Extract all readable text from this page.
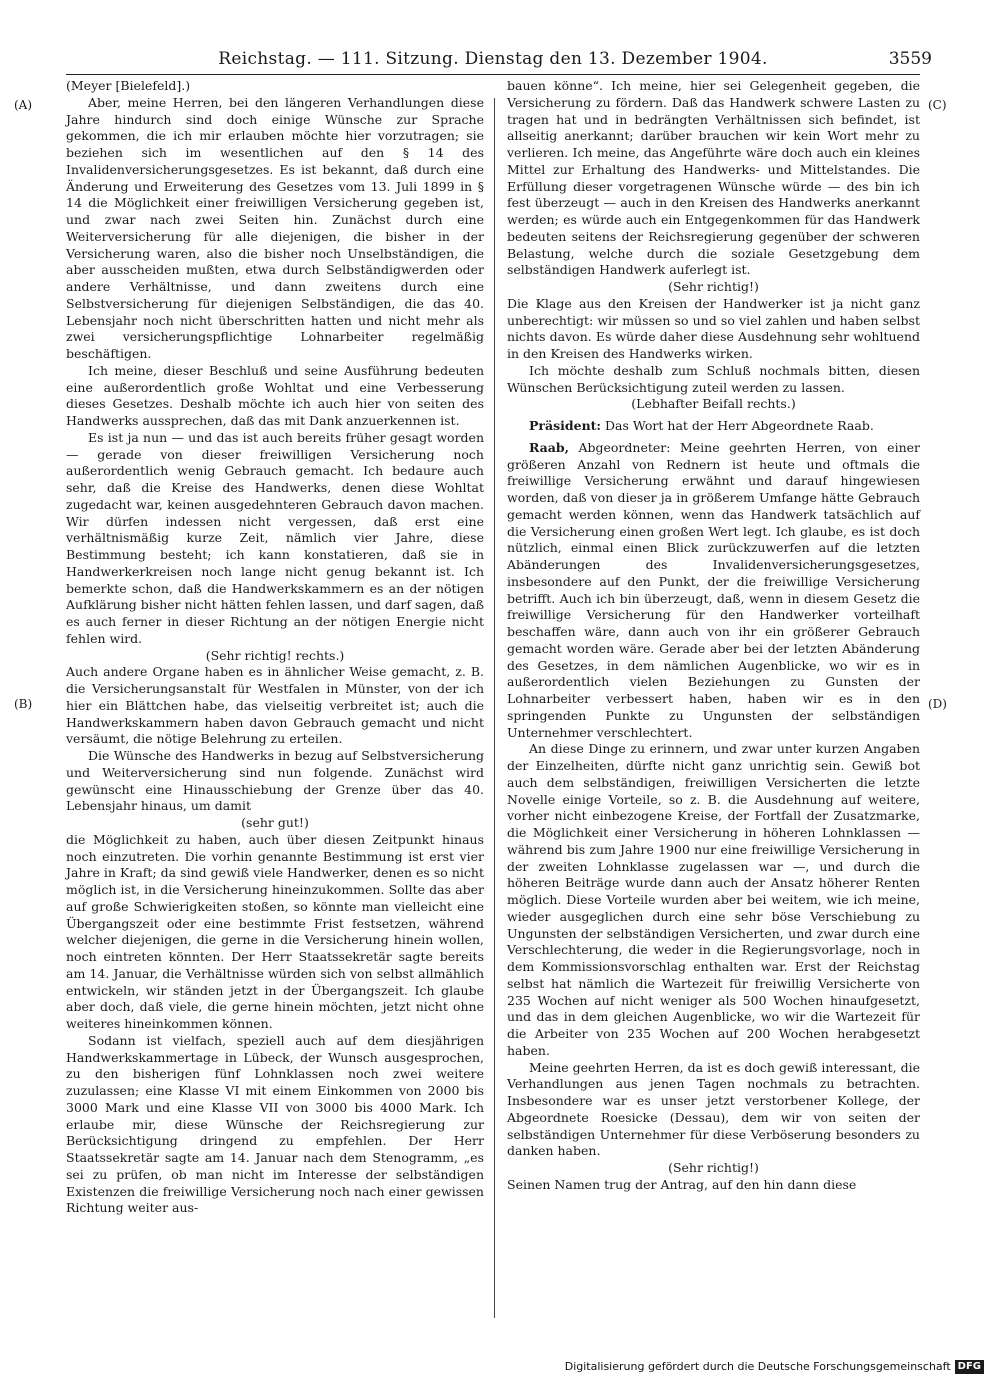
Reichstag. — 111. Sitzung. Dienstag den 13. Dezember 1904.	3559
(A)
(B)
(C)
(D)

(Meyer [Bielefeld].)

Aber, meine Herren, bei den längeren Verhandlungen diese Jahre hindurch sind doch einige Wünsche zur Sprache gekommen, die ich mir erlauben möchte hier vorzutragen; sie beziehen sich im wesentlichen auf den § 14 des Invalidenversicherungsgesetzes. Es ist bekannt, daß durch eine Änderung und Erweiterung des Gesetzes vom 13. Juli 1899 in § 14 die Möglichkeit einer freiwilligen Versicherung gegeben ist, und zwar nach zwei Seiten hin. Zunächst durch eine Weiterversicherung für alle diejenigen, die bisher in der Versicherung waren, also die bisher noch Unselbständigen, die aber ausscheiden mußten, etwa durch Selbständigwerden oder andere Verhältnisse, und dann zweitens durch eine Selbstversicherung für diejenigen Selbständigen, die das 40. Lebensjahr noch nicht überschritten hatten und nicht mehr als zwei versicherungspflichtige Lohnarbeiter regelmäßig beschäftigen.

Ich meine, dieser Beschluß und seine Ausführung bedeuten eine außerordentlich große Wohltat und eine Verbesserung dieses Gesetzes. Deshalb möchte ich auch hier von seiten des Handwerks aussprechen, daß das mit Dank anzuerkennen ist.

Es ist ja nun — und das ist auch bereits früher gesagt worden — gerade von dieser freiwilligen Versicherung noch außerordentlich wenig Gebrauch gemacht. Ich bedaure auch sehr, daß die Kreise des Handwerks, denen diese Wohltat zugedacht war, keinen ausgedehnteren Gebrauch davon machen. Wir dürfen indessen nicht vergessen, daß erst eine verhältnismäßig kurze Zeit, nämlich vier Jahre, diese Bestimmung besteht; ich kann konstatieren, daß sie in Handwerkerkreisen noch lange nicht genug bekannt ist. Ich bemerkte schon, daß die Handwerkskammern es an der nötigen Aufklärung bisher nicht hätten fehlen lassen, und darf sagen, daß es auch ferner in dieser Richtung an der nötigen Energie nicht fehlen wird.

(Sehr richtig! rechts.)

Auch andere Organe haben es in ähnlicher Weise gemacht, z. B. die Versicherungsanstalt für Westfalen in Münster, von der ich hier ein Blättchen habe, das vielseitig verbreitet ist; auch die Handwerkskammern haben davon Gebrauch gemacht und nicht versäumt, die nötige Belehrung zu erteilen.

Die Wünsche des Handwerks in bezug auf Selbstversicherung und Weiterversicherung sind nun folgende. Zunächst wird gewünscht eine Hinausschiebung der Grenze über das 40. Lebensjahr hinaus, um damit

(sehr gut!)

die Möglichkeit zu haben, auch über diesen Zeitpunkt hinaus noch einzutreten. Die vorhin genannte Bestimmung ist erst vier Jahre in Kraft; da sind gewiß viele Handwerker, denen es so nicht möglich ist, in die Versicherung hineinzukommen. Sollte das aber auf große Schwierigkeiten stoßen, so könnte man vielleicht eine Übergangszeit oder eine bestimmte Frist festsetzen, während welcher diejenigen, die gerne in die Versicherung hinein wollen, noch eintreten könnten. Der Herr Staatssekretär sagte bereits am 14. Januar, die Verhältnisse würden sich von selbst allmählich entwickeln, wir ständen jetzt in der Übergangszeit. Ich glaube aber doch, daß viele, die gerne hinein möchten, jetzt nicht ohne weiteres hineinkommen können.

Sodann ist vielfach, speziell auch auf dem diesjährigen Handwerkskammertage in Lübeck, der Wunsch ausgesprochen, zu den bisherigen fünf Lohnklassen noch zwei weitere zuzulassen; eine Klasse VI mit einem Einkommen von 2000 bis 3000 Mark und eine Klasse VII von 3000 bis 4000 Mark. Ich erlaube mir, diese Wünsche der Reichsregierung zur Berücksichtigung dringend zu empfehlen. Der Herr Staatssekretär sagte am 14. Januar nach dem Stenogramm, „es sei zu prüfen, ob man nicht im Interesse der selbständigen Existenzen die freiwillige Versicherung noch nach einer gewissen Richtung weiter aus-

bauen könne“. Ich meine, hier sei Gelegenheit gegeben, die Versicherung zu fördern. Daß das Handwerk schwere Lasten zu tragen hat und in bedrängten Verhältnissen sich befindet, ist allseitig anerkannt; darüber brauchen wir kein Wort mehr zu verlieren. Ich meine, das Angeführte wäre doch auch ein kleines Mittel zur Erhaltung des Handwerks- und Mittelstandes. Die Erfüllung dieser vorgetragenen Wünsche würde — des bin ich fest überzeugt — auch in den Kreisen des Handwerks anerkannt werden; es würde auch ein Entgegenkommen für das Handwerk bedeuten seitens der Reichsregierung gegenüber der schweren Belastung, welche durch die soziale Gesetzgebung dem selbständigen Handwerk auferlegt ist.

(Sehr richtig!)

Die Klage aus den Kreisen der Handwerker ist ja nicht ganz unberechtigt: wir müssen so und so viel zahlen und haben selbst nichts davon. Es würde daher diese Ausdehnung sehr wohltuend in den Kreisen des Handwerks wirken.

Ich möchte deshalb zum Schluß nochmals bitten, diesen Wünschen Berücksichtigung zuteil werden zu lassen.

(Lebhafter Beifall rechts.)

Präsident: Das Wort hat der Herr Abgeordnete Raab.

Raab, Abgeordneter: Meine geehrten Herren, von einer größeren Anzahl von Rednern ist heute und oftmals die freiwillige Versicherung erwähnt und darauf hingewiesen worden, daß von dieser ja in größerem Umfange hätte Gebrauch gemacht werden können, wenn das Handwerk tatsächlich auf die Versicherung einen großen Wert legt. Ich glaube, es ist doch nützlich, einmal einen Blick zurückzuwerfen auf die letzten Abänderungen des Invalidenversicherungsgesetzes, insbesondere auf den Punkt, der die freiwillige Versicherung betrifft. Auch ich bin überzeugt, daß, wenn in diesem Gesetz die freiwillige Versicherung für den Handwerker vorteilhaft beschaffen wäre, dann auch von ihr ein größerer Gebrauch gemacht worden wäre. Gerade aber bei der letzten Abänderung des Gesetzes, in dem nämlichen Augenblicke, wo wir es in außerordentlich vielen Beziehungen zu Gunsten der Lohnarbeiter verbessert haben, haben wir es in den springenden Punkte zu Ungunsten der selbständigen Unternehmer verschlechtert.

An diese Dinge zu erinnern, und zwar unter kurzen Angaben der Einzelheiten, dürfte nicht ganz unrichtig sein. Gewiß bot auch dem selbständigen, freiwilligen Versicherten die letzte Novelle einige Vorteile, so z. B. die Ausdehnung auf weitere, vorher nicht einbezogene Kreise, der Fortfall der Zusatzmarke, die Möglichkeit einer Versicherung in höheren Lohnklassen — während bis zum Jahre 1900 nur eine freiwillige Versicherung in der zweiten Lohnklasse zugelassen war —, und durch die höheren Beiträge wurde dann auch der Ansatz höherer Renten möglich. Diese Vorteile wurden aber bei weitem, wie ich meine, wieder ausgeglichen durch eine sehr böse Verschiebung zu Ungunsten der selbständigen Versicherten, und zwar durch eine Verschlechterung, die weder in die Regierungsvorlage, noch in dem Kommissionsvorschlag enthalten war. Erst der Reichstag selbst hat nämlich die Wartezeit für freiwillig Versicherte von 235 Wochen auf nicht weniger als 500 Wochen hinaufgesetzt, und das in dem gleichen Augenblicke, wo wir die Wartezeit für die Arbeiter von 235 Wochen auf 200 Wochen herabgesetzt haben.

Meine geehrten Herren, da ist es doch gewiß interessant, die Verhandlungen aus jenen Tagen nochmals zu betrachten. Insbesondere war es unser jetzt verstorbener Kollege, der Abgeordnete Roesicke (Dessau), dem wir von seiten der selbständigen Unternehmer für diese Verböserung besonders zu danken haben.

(Sehr richtig!)

Seinen Namen trug der Antrag, auf den hin dann diese

Digitalisierung gefördert durch die Deutsche Forschungsgemeinschaft DFG
